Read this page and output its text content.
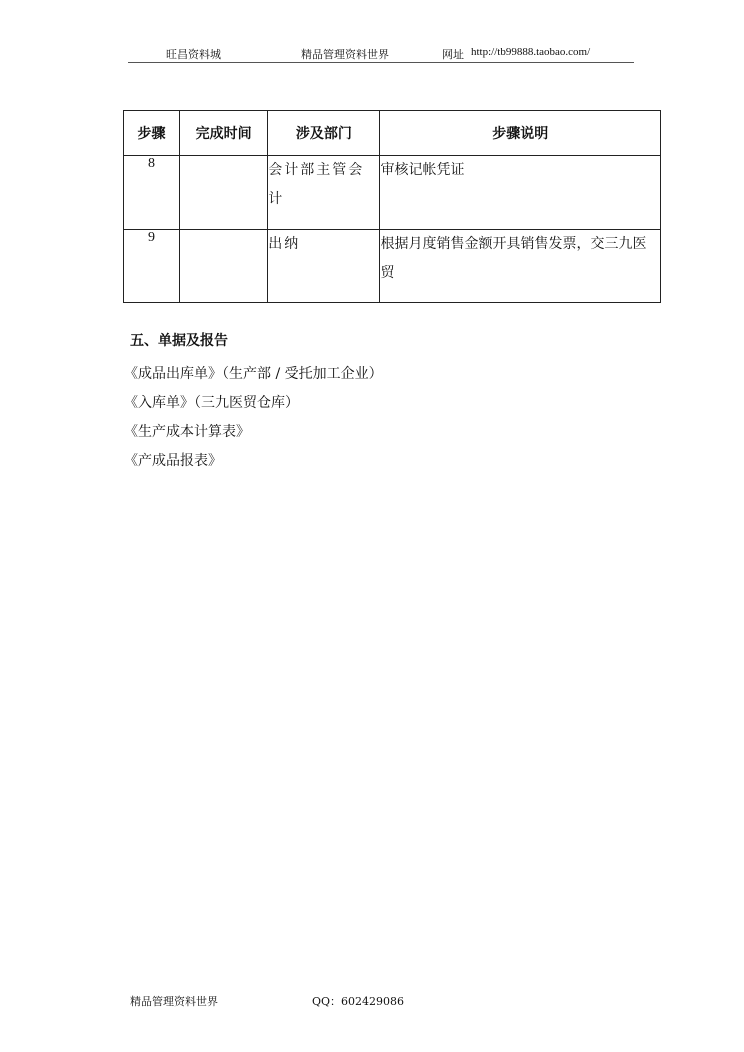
旺昌资料城	精品管理资料世界	网址 http://tb99888.taobao.com/
步骤	完成时间	涉及部门	步骤说明
8		会计部主管会计	审核记帐凭证
9		出纳	根据月度销售金额开具销售发票，交三九医贸
五、单据及报告
《成品出库单》（生产部 / 受托加工企业）
《入库单》（三九医贸仓库）
《生产成本计算表》
《产成品报表》
精品管理资料世界	QQ：602429086
